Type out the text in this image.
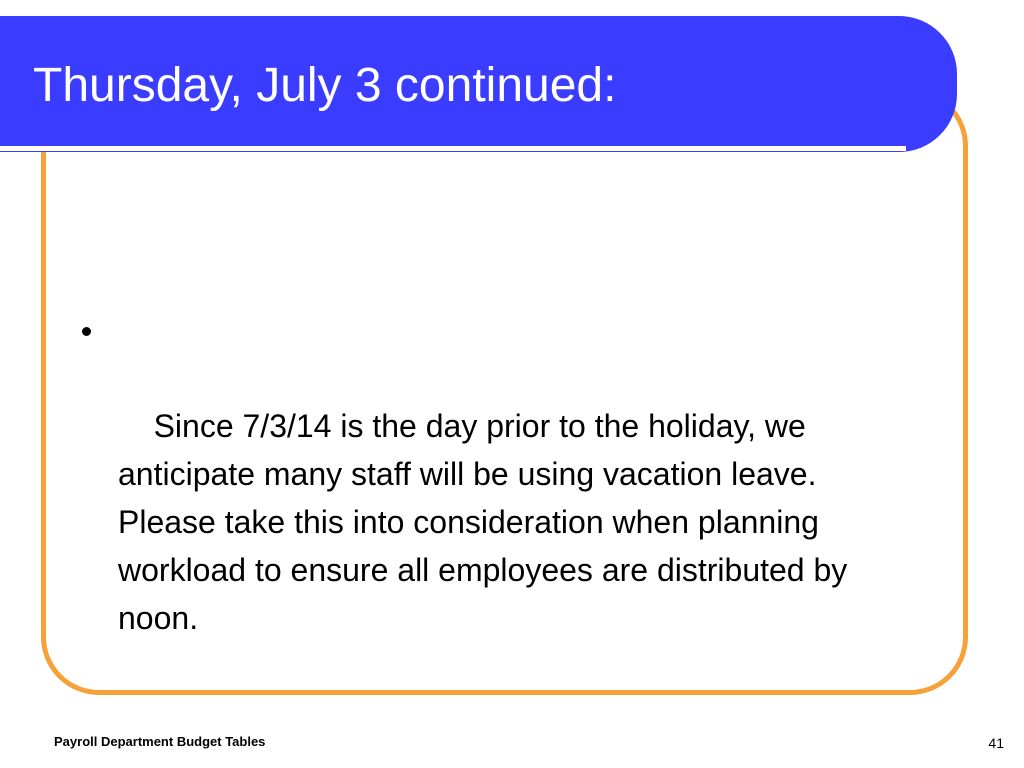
Thursday, July 3 continued:

Since 7/3/14 is the day prior to the holiday, we anticipate many staff will be using vacation leave.  Please take this into consideration when planning workload to ensure all employees are distributed by noon.

Payroll Department Budget Tables	41
